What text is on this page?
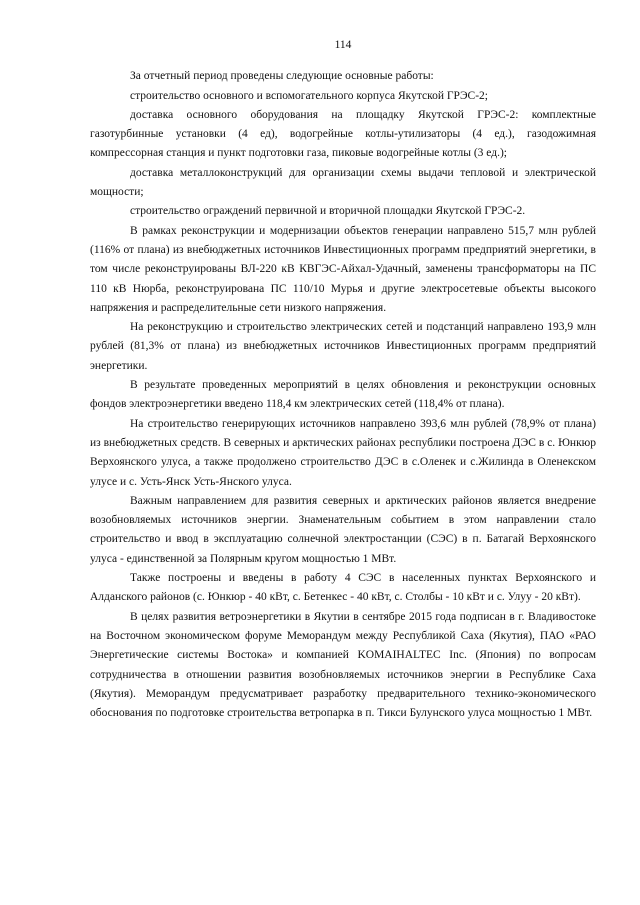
114

За отчетный период проведены следующие основные работы:

строительство основного и вспомогательного корпуса Якутской ГРЭС-2;

доставка основного оборудования на площадку Якутской ГРЭС-2: комплектные газотурбинные установки (4 ед), водогрейные котлы-утилизаторы (4 ед.), газодожимная компрессорная станция и пункт подготовки газа, пиковые водогрейные котлы (3 ед.);

доставка металлоконструкций для организации схемы выдачи тепловой и электрической мощности;

строительство ограждений первичной и вторичной площадки Якутской ГРЭС-2.

В рамках реконструкции и модернизации объектов генерации направлено 515,7 млн рублей (116% от плана) из внебюджетных источников Инвестиционных программ предприятий энергетики, в том числе реконструированы ВЛ-220 кВ КВГЭС-Айхал-Удачный, заменены трансформаторы на ПС 110 кВ Нюрба, реконструирована ПС 110/10 Мурья и другие электросетевые объекты высокого напряжения и распределительные сети низкого напряжения.

На реконструкцию и строительство электрических сетей и подстанций направлено 193,9 млн рублей (81,3% от плана) из внебюджетных источников Инвестиционных программ предприятий энергетики.

В результате проведенных мероприятий в целях обновления и реконструкции основных фондов электроэнергетики введено 118,4 км электрических сетей (118,4% от плана).

На строительство генерирующих источников направлено 393,6 млн рублей (78,9% от плана) из внебюджетных средств. В северных и арктических районах республики построена ДЭС в с. Юнкюр Верхоянского улуса, а также продолжено строительство ДЭС в с.Оленек и с.Жилинда в Оленекском улусе и с. Усть-Янск Усть-Янского улуса.

Важным направлением для развития северных и арктических районов является внедрение возобновляемых источников энергии. Знаменательным событием в этом направлении стало строительство и ввод в эксплуатацию солнечной электростанции (СЭС) в п. Батагай Верхоянского улуса - единственной за Полярным кругом мощностью 1 МВт.

Также построены и введены в работу 4 СЭС в населенных пунктах Верхоянского и Алданского районов (с. Юнкюр - 40 кВт, с. Бетенкес - 40 кВт, с. Столбы - 10 кВт и с. Улуу - 20 кВт).

В целях развития ветроэнергетики в Якутии в сентябре 2015 года подписан в г. Владивостоке на Восточном экономическом форуме Меморандум между Республикой Саха (Якутия), ПАО «РАО Энергетические системы Востока» и компанией KOMAIHALTEC Inc. (Япония) по вопросам сотрудничества в отношении развития возобновляемых источников энергии в Республике Саха (Якутия). Меморандум предусматривает разработку предварительного технико-экономического обоснования по подготовке строительства ветропарка в п. Тикси Булунского улуса мощностью 1 МВт.
